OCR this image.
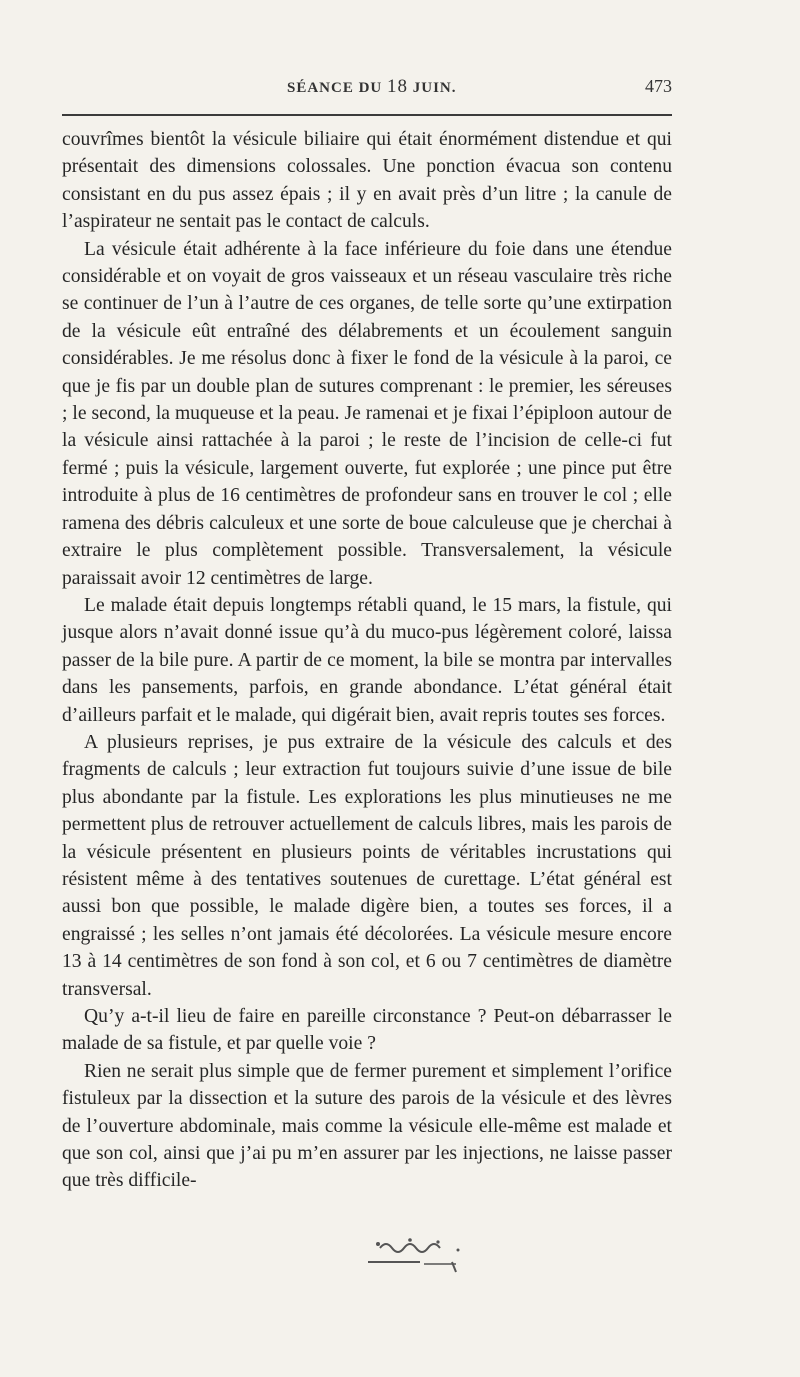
SÉANCE DU 18 JUIN.	473

couvrîmes bientôt la vésicule biliaire qui était énormément distendue et qui présentait des dimensions colossales. Une ponction évacua son contenu consistant en du pus assez épais ; il y en avait près d’un litre ; la canule de l’aspirateur ne sentait pas le contact de calculs.

La vésicule était adhérente à la face inférieure du foie dans une étendue considérable et on voyait de gros vaisseaux et un réseau vasculaire très riche se continuer de l’un à l’autre de ces organes, de telle sorte qu’une extirpation de la vésicule eût entraîné des délabrements et un écoulement sanguin considérables. Je me résolus donc à fixer le fond de la vésicule à la paroi, ce que je fis par un double plan de sutures comprenant : le premier, les séreuses ; le second, la muqueuse et la peau. Je ramenai et je fixai l’épiploon autour de la vésicule ainsi rattachée à la paroi ; le reste de l’incision de celle-ci fut fermé ; puis la vésicule, largement ouverte, fut explorée ; une pince put être introduite à plus de 16 centimètres de profondeur sans en trouver le col ; elle ramena des débris calculeux et une sorte de boue calculeuse que je cherchai à extraire le plus complètement possible. Transversalement, la vésicule paraissait avoir 12 centimètres de large.

Le malade était depuis longtemps rétabli quand, le 15 mars, la fistule, qui jusque alors n’avait donné issue qu’à du muco-pus légèrement coloré, laissa passer de la bile pure. A partir de ce moment, la bile se montra par intervalles dans les pansements, parfois, en grande abondance. L’état général était d’ailleurs parfait et le malade, qui digérait bien, avait repris toutes ses forces.

A plusieurs reprises, je pus extraire de la vésicule des calculs et des fragments de calculs ; leur extraction fut toujours suivie d’une issue de bile plus abondante par la fistule. Les explorations les plus minutieuses ne me permettent plus de retrouver actuellement de calculs libres, mais les parois de la vésicule présentent en plusieurs points de véritables incrustations qui résistent même à des tentatives soutenues de curettage. L’état général est aussi bon que possible, le malade digère bien, a toutes ses forces, il a engraissé ; les selles n’ont jamais été décolorées. La vésicule mesure encore 13 à 14 centimètres de son fond à son col, et 6 ou 7 centimètres de diamètre transversal.

Qu’y a-t-il lieu de faire en pareille circonstance ? Peut-on débarrasser le malade de sa fistule, et par quelle voie ?

Rien ne serait plus simple que de fermer purement et simplement l’orifice fistuleux par la dissection et la suture des parois de la vésicule et des lèvres de l’ouverture abdominale, mais comme la vésicule elle-même est malade et que son col, ainsi que j’ai pu m’en assurer par les injections, ne laisse passer que très difficile-
